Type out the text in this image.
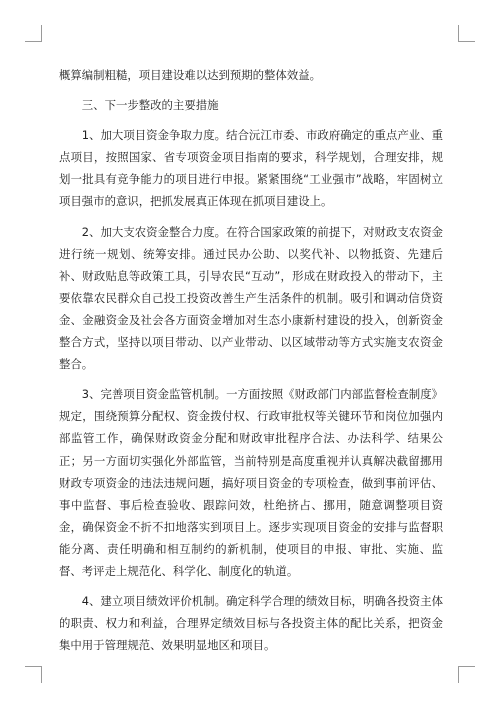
概算编制粗糙，项目建设难以达到预期的整体效益。

三、下一步整改的主要措施

1、加大项目资金争取力度。结合沅江市委、市政府确定的重点产业、重点项目，按照国家、省专项资金项目指南的要求，科学规划，合理安排，规划一批具有竞争能力的项目进行申报。紧紧围绕“工业强市”战略，牢固树立项目强市的意识，把抓发展真正体现在抓项目建设上。

2、加大支农资金整合力度。在符合国家政策的前提下，对财政支农资金进行统一规划、统筹安排。通过民办公助、以奖代补、以物抵资、先建后补、财政贴息等政策工具，引导农民“互动”，形成在财政投入的带动下，主要依靠农民群众自己投工投资改善生产生活条件的机制。吸引和调动信贷资金、金融资金及社会各方面资金增加对生态小康新村建设的投入，创新资金整合方式，坚持以项目带动、以产业带动、以区域带动等方式实施支农资金整合。

3、完善项目资金监管机制。一方面按照《财政部门内部监督检查制度》规定，围绕预算分配权、资金拨付权、行政审批权等关键环节和岗位加强内部监管工作，确保财政资金分配和财政审批程序合法、办法科学、结果公正；另一方面切实强化外部监管，当前特别是高度重视并认真解决截留挪用财政专项资金的违法违规问题，搞好项目资金的专项检查，做到事前评估、事中监督、事后检查验收、跟踪问效，杜绝挤占、挪用，随意调整项目资金，确保资金不折不扣地落实到项目上。逐步实现项目资金的安排与监督职能分离、责任明确和相互制约的新机制，使项目的申报、审批、实施、监督、考评走上规范化、科学化、制度化的轨道。

4、建立项目绩效评价机制。确定科学合理的绩效目标，明确各投资主体的职责、权力和利益，合理界定绩效目标与各投资主体的配比关系，把资金集中用于管理规范、效果明显地区和项目。
